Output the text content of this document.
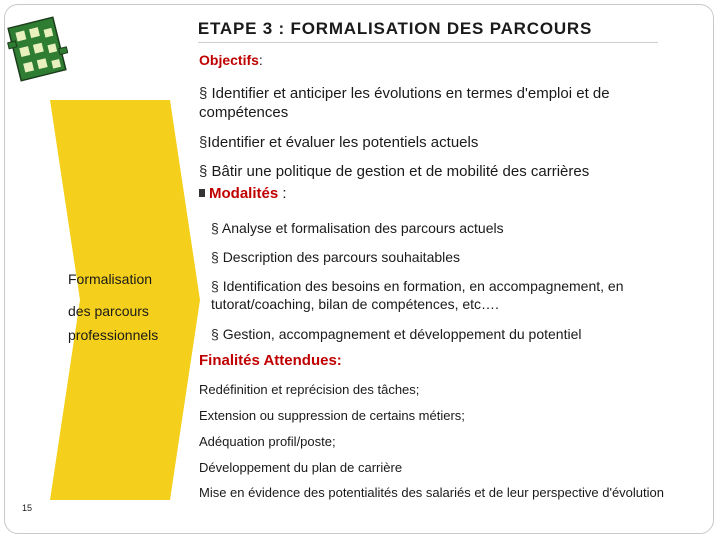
ETAPE 3 : FORMALISATION DES PARCOURS
Formalisation
des parcours
professionnels
Objectifs:
§ Identifier et anticiper les évolutions en termes d'emploi et de
compétences
§Identifier et évaluer les potentiels actuels
§ Bâtir une politique de gestion et de mobilité des carrières
Modalités :
§ Analyse et formalisation des parcours actuels
§ Description des parcours souhaitables
§ Identification des besoins en formation, en accompagnement, en
tutorat/coaching, bilan de compétences, etc….
§ Gestion, accompagnement et développement du potentiel
Finalités Attendues:
Redéfinition et reprécision des tâches;
Extension ou suppression de certains métiers;
Adéquation profil/poste;
Développement du plan de carrière
Mise en évidence des potentialités des salariés et de leur perspective d'évolution
15
